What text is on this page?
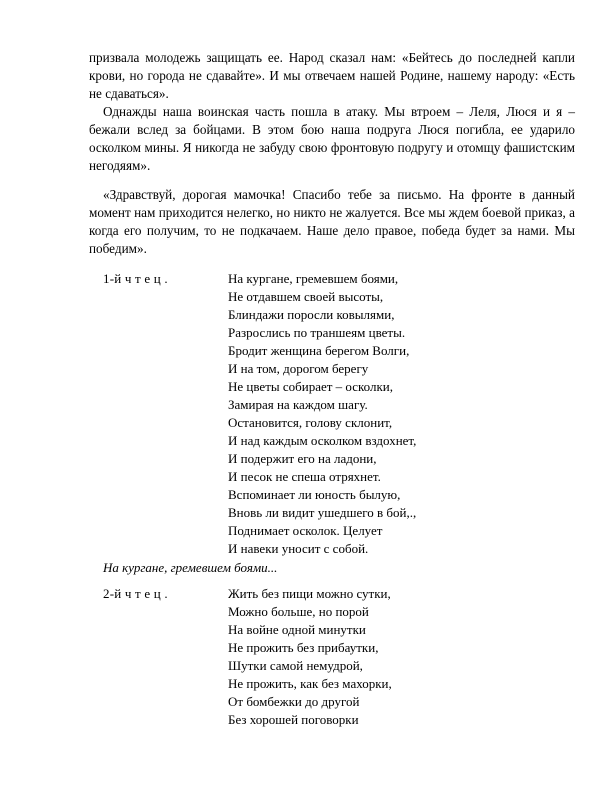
призвала молодежь защищать ее. Народ сказал нам: «Бейтесь до последней капли крови, но города не сдавайте». И мы отвечаем нашей Родине, нашему народу: «Есть не сдаваться».

Однажды наша воинская часть пошла в атаку. Мы втроем – Леля, Люся и я – бежали вслед за бойцами. В этом бою наша подруга Люся погибла, ее ударило осколком мины. Я никогда не забуду свою фронтовую подругу и отомщу фашистским негодяям».

«Здравствуй, дорогая мамочка! Спасибо тебе за письмо. На фронте в данный момент нам приходится нелегко, но никто не жалуется. Все мы ждем боевой приказ, а когда его получим, то не подкачаем. Наше дело правое, победа будет за нами. Мы победим».

1-й ч т е ц .	На кургане, гремевшем боями,
Не отдавшем своей высоты,
Блиндажи поросли ковылями,
Разрослись по траншеям цветы.
Бродит женщина берегом Волги,
И на том, дорогом берегу
Не цветы собирает – осколки,
Замирая на каждом шагу.
Остановится, голову склонит,
И над каждым осколком вздохнет,
И подержит его на ладони,
И песок не спеша отряхнет.
Вспоминает ли юность былую,
Вновь ли видит ушедшего в бой,.,
Поднимает осколок. Целует
И навеки уносит с собой.
На кургане, гремевшем боями...
2-й ч т е ц .	Жить без пищи можно сутки,
Можно больше, но порой
На войне одной минутки
Не прожить без прибаутки,
Шутки самой немудрой,
Не прожить, как без махорки,
От бомбежки до другой
Без хорошей поговорки
